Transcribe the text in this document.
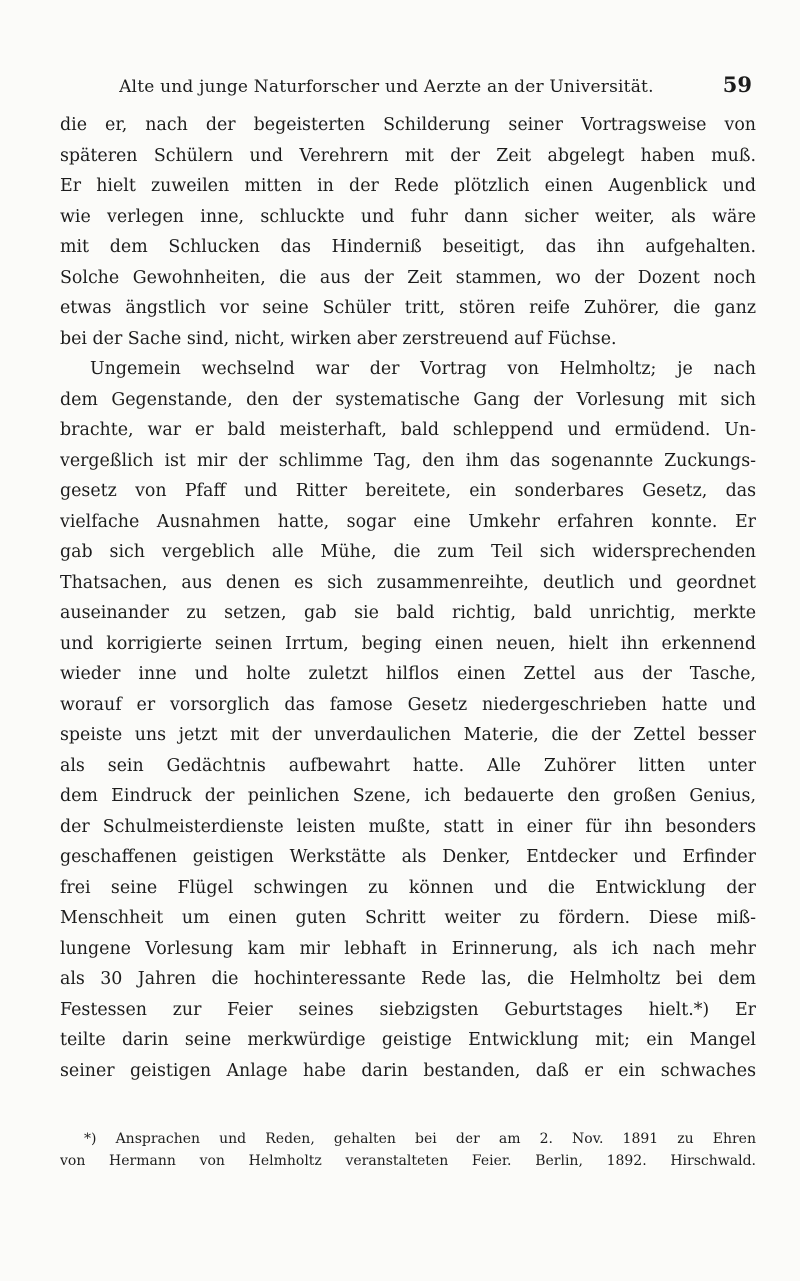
Alte und junge Naturforscher und Aerzte an der Universität.	59
die er, nach der begeisterten Schilderung seiner Vortragsweise von
späteren Schülern und Verehrern mit der Zeit abgelegt haben muß.
Er hielt zuweilen mitten in der Rede plötzlich einen Augenblick und
wie verlegen inne, schluckte und fuhr dann sicher weiter, als wäre
mit dem Schlucken das Hinderniß beseitigt, das ihn aufgehalten.
Solche Gewohnheiten, die aus der Zeit stammen, wo der Dozent noch
etwas ängstlich vor seine Schüler tritt, stören reife Zuhörer, die ganz
bei der Sache sind, nicht, wirken aber zerstreuend auf Füchse.
Ungemein wechselnd war der Vortrag von Helmholtz; je nach
dem Gegenstande, den der systematische Gang der Vorlesung mit sich
brachte, war er bald meisterhaft, bald schleppend und ermüdend. Un-
vergeßlich ist mir der schlimme Tag, den ihm das sogenannte Zuckungs-
gesetz von Pfaff und Ritter bereitete, ein sonderbares Gesetz, das
vielfache Ausnahmen hatte, sogar eine Umkehr erfahren konnte. Er
gab sich vergeblich alle Mühe, die zum Teil sich widersprechenden
Thatsachen, aus denen es sich zusammenreihte, deutlich und geordnet
auseinander zu setzen, gab sie bald richtig, bald unrichtig, merkte
und korrigierte seinen Irrtum, beging einen neuen, hielt ihn erkennend
wieder inne und holte zuletzt hilflos einen Zettel aus der Tasche,
worauf er vorsorglich das famose Gesetz niedergeschrieben hatte und
speiste uns jetzt mit der unverdaulichen Materie, die der Zettel besser
als sein Gedächtnis aufbewahrt hatte. Alle Zuhörer litten unter
dem Eindruck der peinlichen Szene, ich bedauerte den großen Genius,
der Schulmeisterdienste leisten mußte, statt in einer für ihn besonders
geschaffenen geistigen Werkstätte als Denker, Entdecker und Erfinder
frei seine Flügel schwingen zu können und die Entwicklung der
Menschheit um einen guten Schritt weiter zu fördern. Diese miß-
lungene Vorlesung kam mir lebhaft in Erinnerung, als ich nach mehr
als 30 Jahren die hochinteressante Rede las, die Helmholtz bei dem
Festessen zur Feier seines siebzigsten Geburtstages hielt.*) Er
teilte darin seine merkwürdige geistige Entwicklung mit; ein Mangel
seiner geistigen Anlage habe darin bestanden, daß er ein schwaches
*) Ansprachen und Reden, gehalten bei der am 2. Nov. 1891 zu Ehren
von Hermann von Helmholtz veranstalteten Feier. Berlin, 1892. Hirschwald.
